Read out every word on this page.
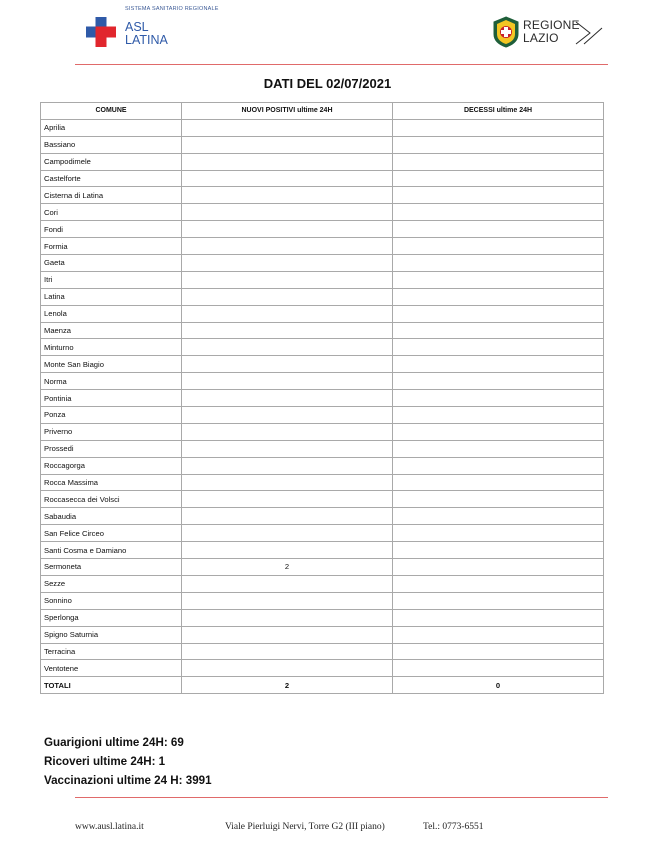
SISTEMA SANITARIO REGIONALE
ASL
LATINA
REGIONE
LAZIO
DATI DEL 02/07/2021
COMUNE	NUOVI POSITIVI ultime 24H	DECESSI ultime 24H
Aprilia		
Bassiano		
Campodimele		
Castelforte		
Cisterna di Latina		
Cori		
Fondi		
Formia		
Gaeta		
Itri		
Latina		
Lenola		
Maenza		
Minturno		
Monte San Biagio		
Norma		
Pontinia		
Ponza		
Priverno		
Prossedi		
Roccagorga		
Rocca Massima		
Roccasecca dei Volsci		
Sabaudia		
San Felice Circeo		
Santi Cosma e Damiano		
Sermoneta	2	
Sezze		
Sonnino		
Sperlonga		
Spigno Saturnia		
Terracina		
Ventotene		
TOTALI	2	0
Guarigioni ultime 24H: 69
Ricoveri ultime 24H: 1
Vaccinazioni ultime 24 H: 3991
www.ausl.latina.it	Viale Pierluigi Nervi, Torre G2 (III piano)	Tel.: 0773-6551
